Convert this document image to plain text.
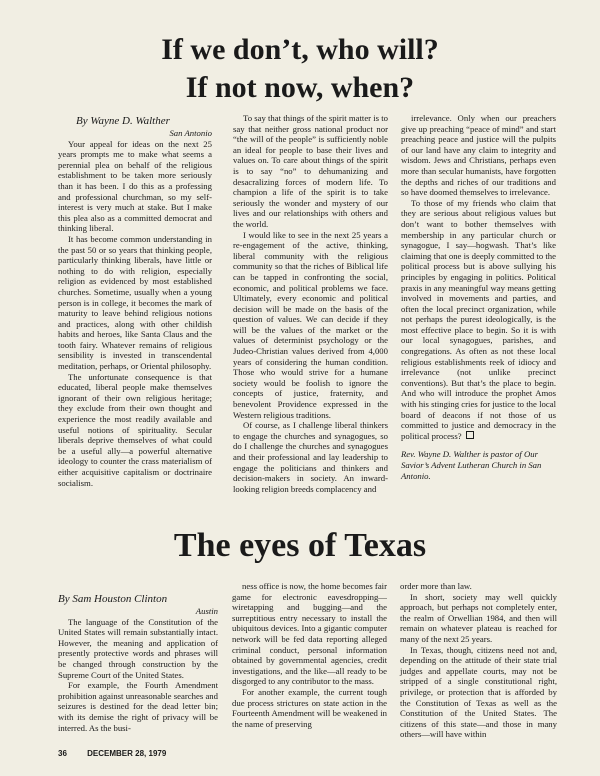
If we don’t, who will?
If not now, when?

By Wayne D. Walther

San Antonio

Your appeal for ideas on the next 25 years prompts me to make what seems a perennial plea on behalf of the religious establishment to be taken more seriously than it has been. I do this as a professing and professional churchman, so my self-interest is very much at stake. But I make this plea also as a committed democrat and thinking liberal.

It has become common understanding in the past 50 or so years that thinking people, particularly thinking liberals, have little or nothing to do with religion, especially religion as evidenced by most established churches. Sometime, usually when a young person is in college, it becomes the mark of maturity to leave behind religious notions and practices, along with other childish habits and heroes, like Santa Claus and the tooth fairy. Whatever remains of religious sensibility is invested in transcendental meditation, perhaps, or Oriental philosophy.

The unfortunate consequence is that educated, liberal people make themselves ignorant of their own religious heritage; they exclude from their own thought and experience the most readily available and useful notions of spirituality. Secular liberals deprive themselves of what could be a useful ally—a powerful alternative ideology to counter the crass materialism of either acquisitive capitalism or doctrinaire socialism.

To say that things of the spirit matter is to say that neither gross national product nor “the will of the people” is sufficiently noble an ideal for people to base their lives and values on. To care about things of the spirit is to say “no” to dehumanizing and desacralizing forces of modern life. To champion a life of the spirit is to take seriously the wonder and mystery of our lives and our relationships with others and the world.

I would like to see in the next 25 years a re-engagement of the active, thinking, liberal community with the religious community so that the riches of Biblical life can be tapped in confronting the social, economic, and political problems we face. Ultimately, every economic and political decision will be made on the basis of the question of values. We can decide if they will be the values of the market or the values of determinist psychology or the Judeo-Christian values derived from 4,000 years of considering the human condition. Those who would strive for a humane society would be foolish to ignore the concepts of justice, fraternity, and benevolent Providence expressed in the Western religious traditions.

Of course, as I challenge liberal thinkers to engage the churches and synagogues, so do I challenge the churches and synagogues and their professional and lay leadership to engage the politicians and thinkers and decision-makers in society. An inward-looking religion breeds complacency and

irrelevance. Only when our preachers give up preaching “peace of mind” and start preaching peace and justice will the pulpits of our land have any claim to integrity and wisdom. Jews and Christians, perhaps even more than secular humanists, have forgotten the depths and riches of our traditions and so have doomed themselves to irrelevance.

To those of my friends who claim that they are serious about religious values but don’t want to bother themselves with membership in any particular church or synagogue, I say—hogwash. That’s like claiming that one is deeply committed to the political process but is above sullying his principles by engaging in politics. Political praxis in any meaningful way means getting involved in movements and parties, and often the local precinct organization, while not perhaps the purest ideologically, is the most effective place to begin. So it is with our local synagogues, parishes, and congregations. As often as not these local religious establishments reek of idiocy and irrelevance (not unlike precinct conventions). But that’s the place to begin. And who will introduce the prophet Amos with his stinging cries for justice to the local board of deacons if not those of us committed to justice and democracy in the political process?

Rev. Wayne D. Walther is pastor of Our Savior’s Advent Lutheran Church in San Antonio.

The eyes of Texas

By Sam Houston Clinton

Austin

The language of the Constitution of the United States will remain substantially intact. However, the meaning and application of presently protective words and phrases will be changed through construction by the Supreme Court of the United States.

For example, the Fourth Amendment prohibition against unreasonable searches and seizures is destined for the dead letter bin; with its demise the right of privacy will be interred. As the busi-

ness office is now, the home becomes fair game for electronic eavesdropping—wiretapping and bugging—and the surreptitious entry necessary to install the ubiquitous devices. Into a gigantic computer network will be fed data reporting alleged criminal conduct, personal information obtained by governmental agencies, credit investigations, and the like—all ready to be disgorged to any contributor to the mass.

For another example, the current tough due process strictures on state action in the Fourteenth Amendment will be weakened in the name of preserving

order more than law.

In short, society may well quickly approach, but perhaps not completely enter, the realm of Orwellian 1984, and then will remain on whatever plateau is reached for many of the next 25 years.

In Texas, though, citizens need not and, depending on the attitude of their state trial judges and appellate courts, may not be stripped of a single constitutional right, privilege, or protection that is afforded by the Constitution of Texas as well as the Constitution of the United States. The citizens of this state—and those in many others—will have within

36	DECEMBER 28, 1979
